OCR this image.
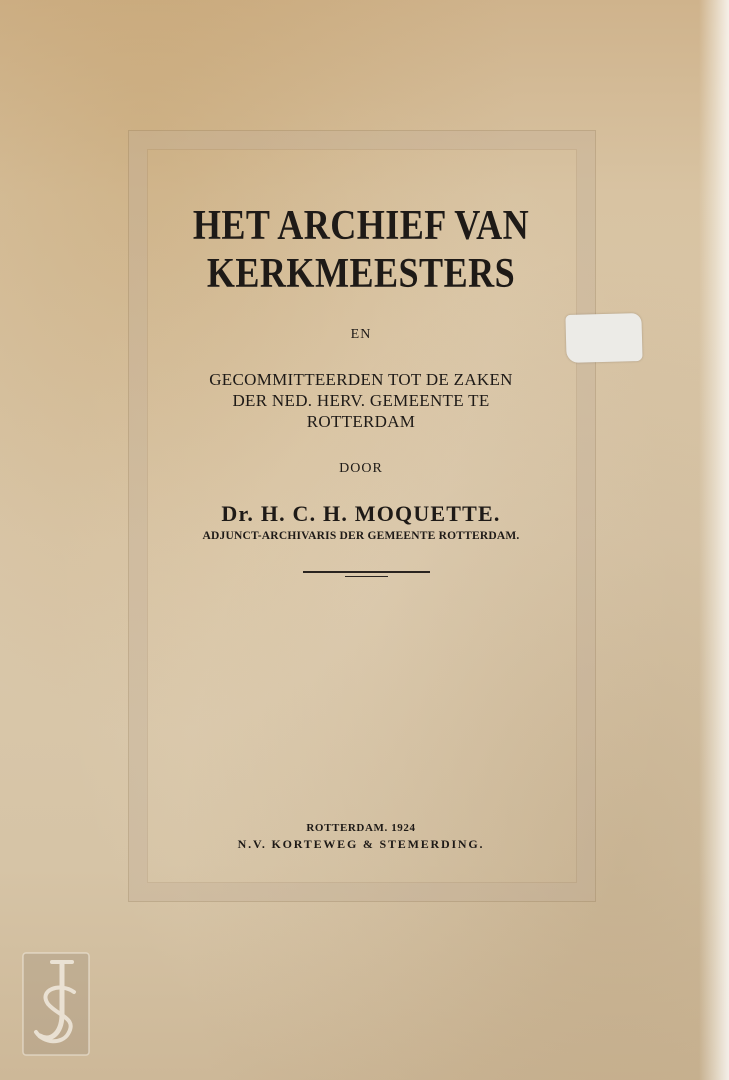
HET ARCHIEF VAN
KERKMEESTERS

EN

GECOMMITTEERDEN TOT DE ZAKEN

DER NED. HERV. GEMEENTE TE

ROTTERDAM

DOOR

Dr. H. C. H. MOQUETTE.

ADJUNCT-ARCHIVARIS DER GEMEENTE ROTTERDAM.

ROTTERDAM. 1924

N.V. KORTEWEG & STEMERDING.
